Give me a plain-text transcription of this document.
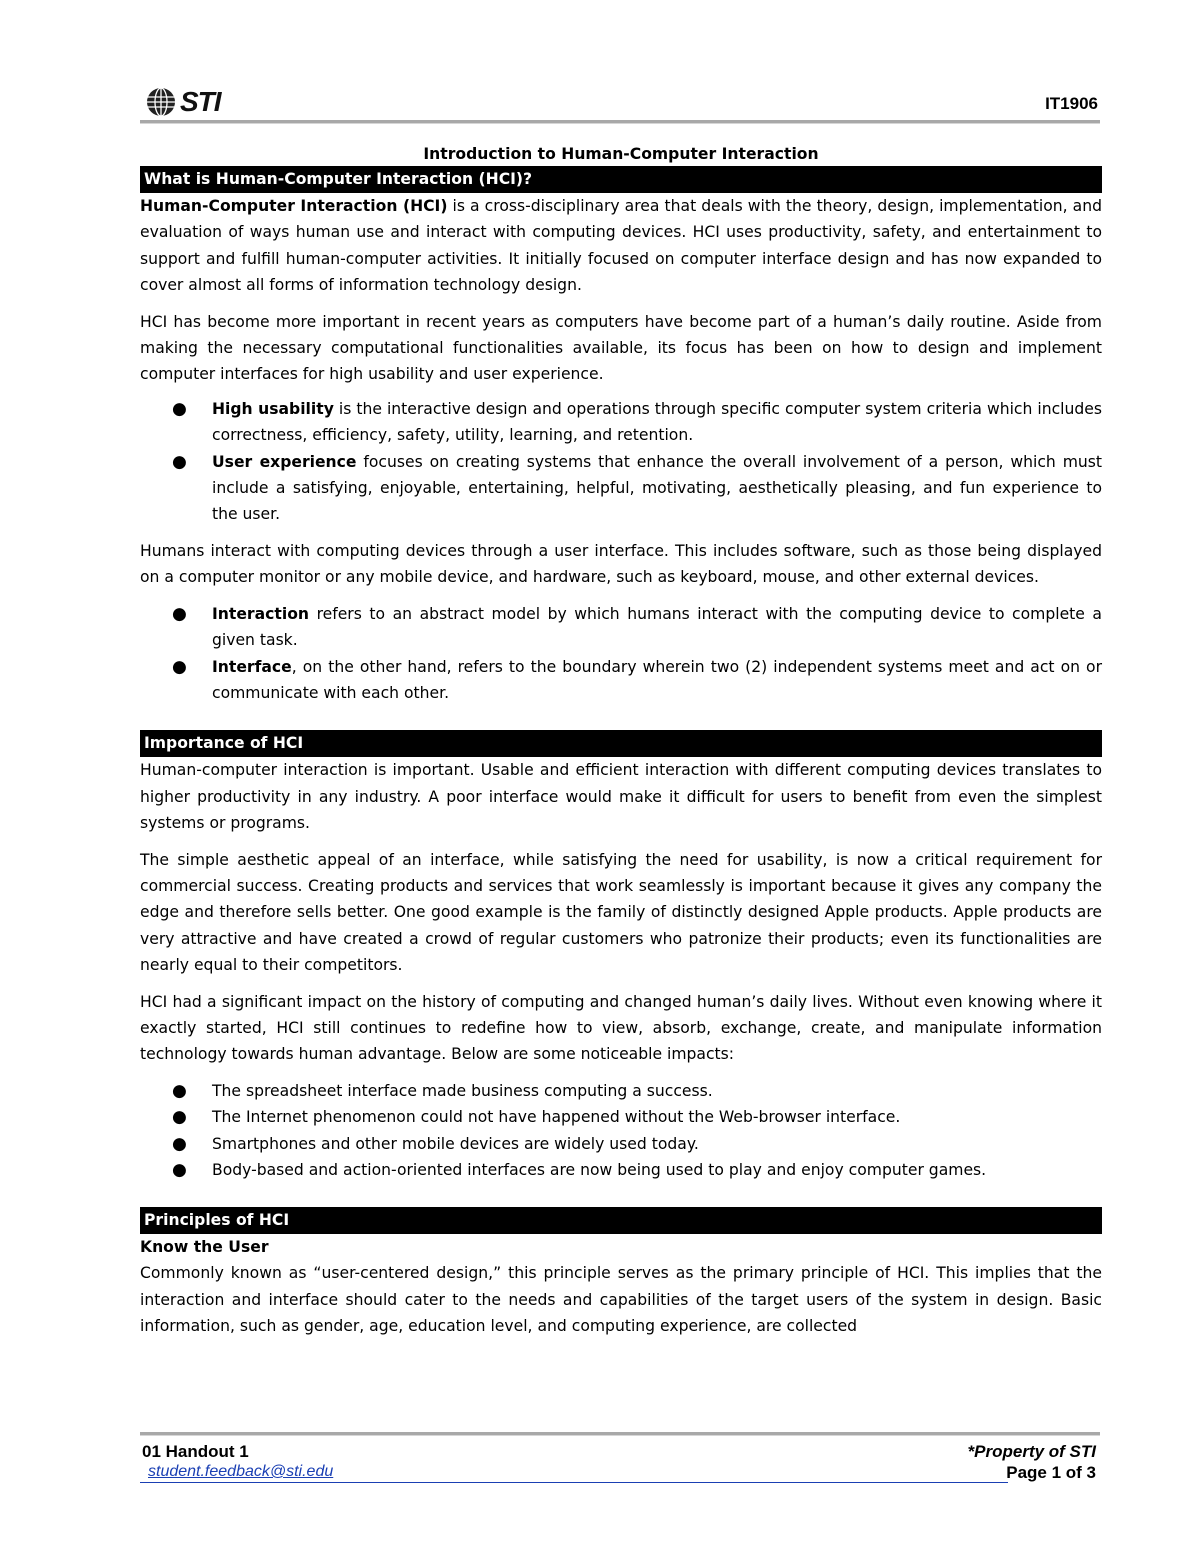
STI	IT1906
Introduction to Human-Computer Interaction
What is Human-Computer Interaction (HCI)?

Human-Computer Interaction (HCI) is a cross-disciplinary area that deals with the theory, design, implementation, and evaluation of ways human use and interact with computing devices. HCI uses productivity, safety, and entertainment to support and fulfill human-computer activities. It initially focused on computer interface design and has now expanded to cover almost all forms of information technology design.

HCI has become more important in recent years as computers have become part of a human’s daily routine. Aside from making the necessary computational functionalities available, its focus has been on how to design and implement computer interfaces for high usability and user experience.

● High usability is the interactive design and operations through specific computer system criteria which includes correctness, efficiency, safety, utility, learning, and retention.
● User experience focuses on creating systems that enhance the overall involvement of a person, which must include a satisfying, enjoyable, entertaining, helpful, motivating, aesthetically pleasing, and fun experience to the user.

Humans interact with computing devices through a user interface. This includes software, such as those being displayed on a computer monitor or any mobile device, and hardware, such as keyboard, mouse, and other external devices.

● Interaction refers to an abstract model by which humans interact with the computing device to complete a given task.
● Interface, on the other hand, refers to the boundary wherein two (2) independent systems meet and act on or communicate with each other.
Importance of HCI

Human-computer interaction is important. Usable and efficient interaction with different computing devices translates to higher productivity in any industry. A poor interface would make it difficult for users to benefit from even the simplest systems or programs.

The simple aesthetic appeal of an interface, while satisfying the need for usability, is now a critical requirement for commercial success. Creating products and services that work seamlessly is important because it gives any company the edge and therefore sells better. One good example is the family of distinctly designed Apple products. Apple products are very attractive and have created a crowd of regular customers who patronize their products; even its functionalities are nearly equal to their competitors.

HCI had a significant impact on the history of computing and changed human’s daily lives. Without even knowing where it exactly started, HCI still continues to redefine how to view, absorb, exchange, create, and manipulate information technology towards human advantage. Below are some noticeable impacts:

● The spreadsheet interface made business computing a success.
● The Internet phenomenon could not have happened without the Web-browser interface.
● Smartphones and other mobile devices are widely used today.
● Body-based and action-oriented interfaces are now being used to play and enjoy computer games.
Principles of HCI
Know the User

Commonly known as “user-centered design,” this principle serves as the primary principle of HCI. This implies that the interaction and interface should cater to the needs and capabilities of the target users of the system in design. Basic information, such as gender, age, education level, and computing experience, are collected

01 Handout 1	*Property of STI
student.feedback@sti.edu	Page 1 of 3
